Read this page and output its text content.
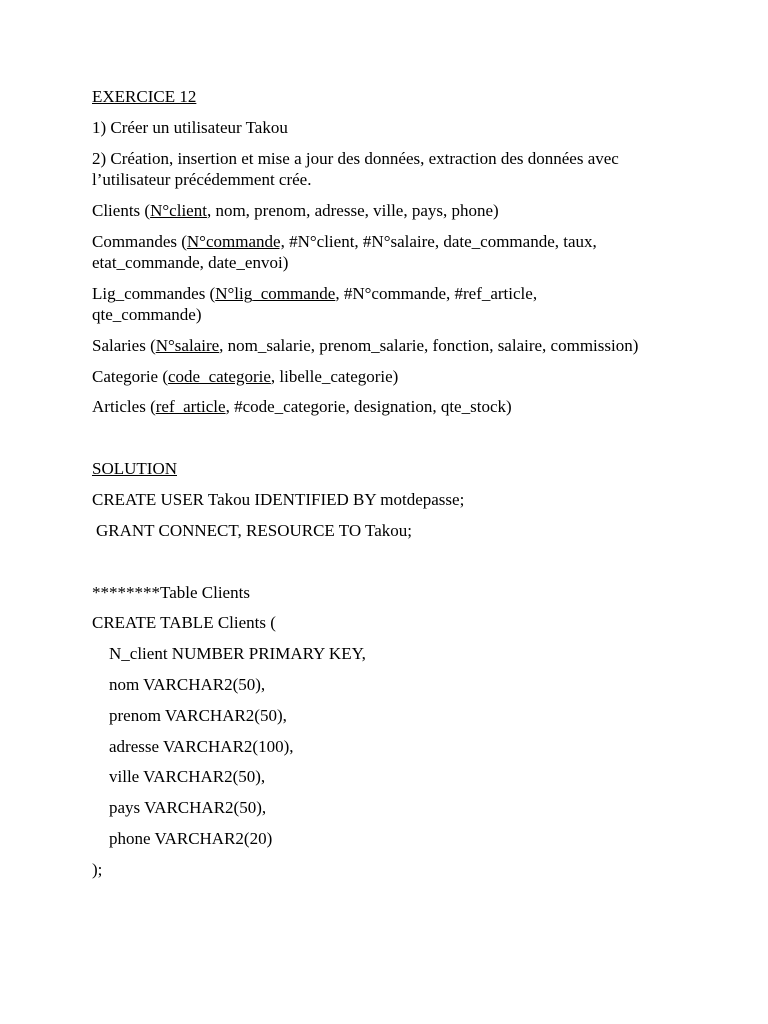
EXERCICE 12
1) Créer un utilisateur Takou
2) Création, insertion et mise a jour des données, extraction des données avec
l’utilisateur précédemment crée.
Clients (N°client, nom, prenom, adresse, ville, pays, phone)
Commandes (N°commande, #N°client, #N°salaire, date_commande, taux,
etat_commande, date_envoi)
Lig_commandes (N°lig_commande, #N°commande, #ref_article,
qte_commande)
Salaries (N°salaire, nom_salarie, prenom_salarie, fonction, salaire, commission)
Categorie (code_categorie, libelle_categorie)
Articles (ref_article, #code_categorie, designation, qte_stock)
SOLUTION
CREATE USER Takou IDENTIFIED BY motdepasse;
GRANT CONNECT, RESOURCE TO Takou;
********Table Clients
CREATE TABLE Clients (
N_client NUMBER PRIMARY KEY,
nom VARCHAR2(50),
prenom VARCHAR2(50),
adresse VARCHAR2(100),
ville VARCHAR2(50),
pays VARCHAR2(50),
phone VARCHAR2(20)
);
